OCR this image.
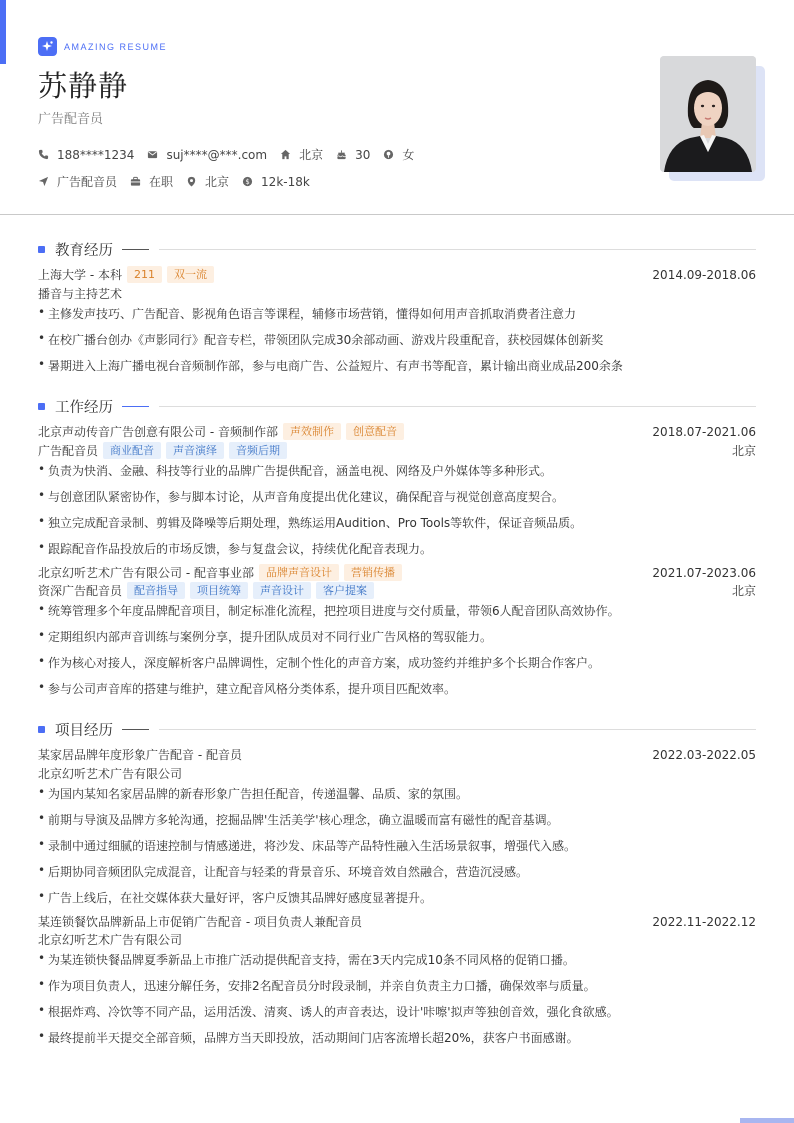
AMAZING RESUME
苏静静
广告配音员
188****1234	suj****@***.com	北京	30	女
广告配音员	在职	北京 $ 12k-18k
教育经历
上海大学 - 本科	211	双一流	2014.09-2018.06
播音与主持艺术
• 主修发声技巧、广告配音、影视角色语言等课程，辅修市场营销，懂得如何用声音抓取消费者注意力
• 在校广播台创办《声影同行》配音专栏，带领团队完成30余部动画、游戏片段重配音，获校园媒体创新奖
• 暑期进入上海广播电视台音频制作部，参与电商广告、公益短片、有声书等配音，累计输出商业成品200余条
工作经历
北京声动传音广告创意有限公司 - 音频制作部	声效制作	创意配音	2018.07-2021.06
广告配音员	商业配音	声音演绎	音频后期	北京
• 负责为快消、金融、科技等行业的品牌广告提供配音，涵盖电视、网络及户外媒体等多种形式。
• 与创意团队紧密协作，参与脚本讨论，从声音角度提出优化建议，确保配音与视觉创意高度契合。
• 独立完成配音录制、剪辑及降噪等后期处理，熟练运用Audition、Pro Tools等软件，保证音频品质。
• 跟踪配音作品投放后的市场反馈，参与复盘会议，持续优化配音表现力。
北京幻听艺术广告有限公司 - 配音事业部	品牌声音设计	营销传播	2021.07-2023.06
资深广告配音员	配音指导	项目统筹	声音设计	客户提案	北京
• 统筹管理多个年度品牌配音项目，制定标准化流程，把控项目进度与交付质量，带领6人配音团队高效协作。
• 定期组织内部声音训练与案例分享，提升团队成员对不同行业广告风格的驾驭能力。
• 作为核心对接人，深度解析客户品牌调性，定制个性化的声音方案，成功签约并维护多个长期合作客户。
• 参与公司声音库的搭建与维护，建立配音风格分类体系，提升项目匹配效率。
项目经历
某家居品牌年度形象广告配音 - 配音员	2022.03-2022.05
北京幻听艺术广告有限公司
• 为国内某知名家居品牌的新春形象广告担任配音，传递温馨、品质、家的氛围。
• 前期与导演及品牌方多轮沟通，挖掘品牌'生活美学'核心理念，确立温暖而富有磁性的配音基调。
• 录制中通过细腻的语速控制与情感递进，将沙发、床品等产品特性融入生活场景叙事，增强代入感。
• 后期协同音频团队完成混音，让配音与轻柔的背景音乐、环境音效自然融合，营造沉浸感。
• 广告上线后，在社交媒体获大量好评，客户反馈其品牌好感度显著提升。
某连锁餐饮品牌新品上市促销广告配音 - 项目负责人兼配音员	2022.11-2022.12
北京幻听艺术广告有限公司
• 为某连锁快餐品牌夏季新品上市推广活动提供配音支持，需在3天内完成10条不同风格的促销口播。
• 作为项目负责人，迅速分解任务，安排2名配音员分时段录制，并亲自负责主力口播，确保效率与质量。
• 根据炸鸡、冷饮等不同产品，运用活泼、清爽、诱人的声音表达，设计'咔嚓'拟声等独创音效，强化食欲感。
• 最终提前半天提交全部音频，品牌方当天即投放，活动期间门店客流增长超20%，获客户书面感谢。
